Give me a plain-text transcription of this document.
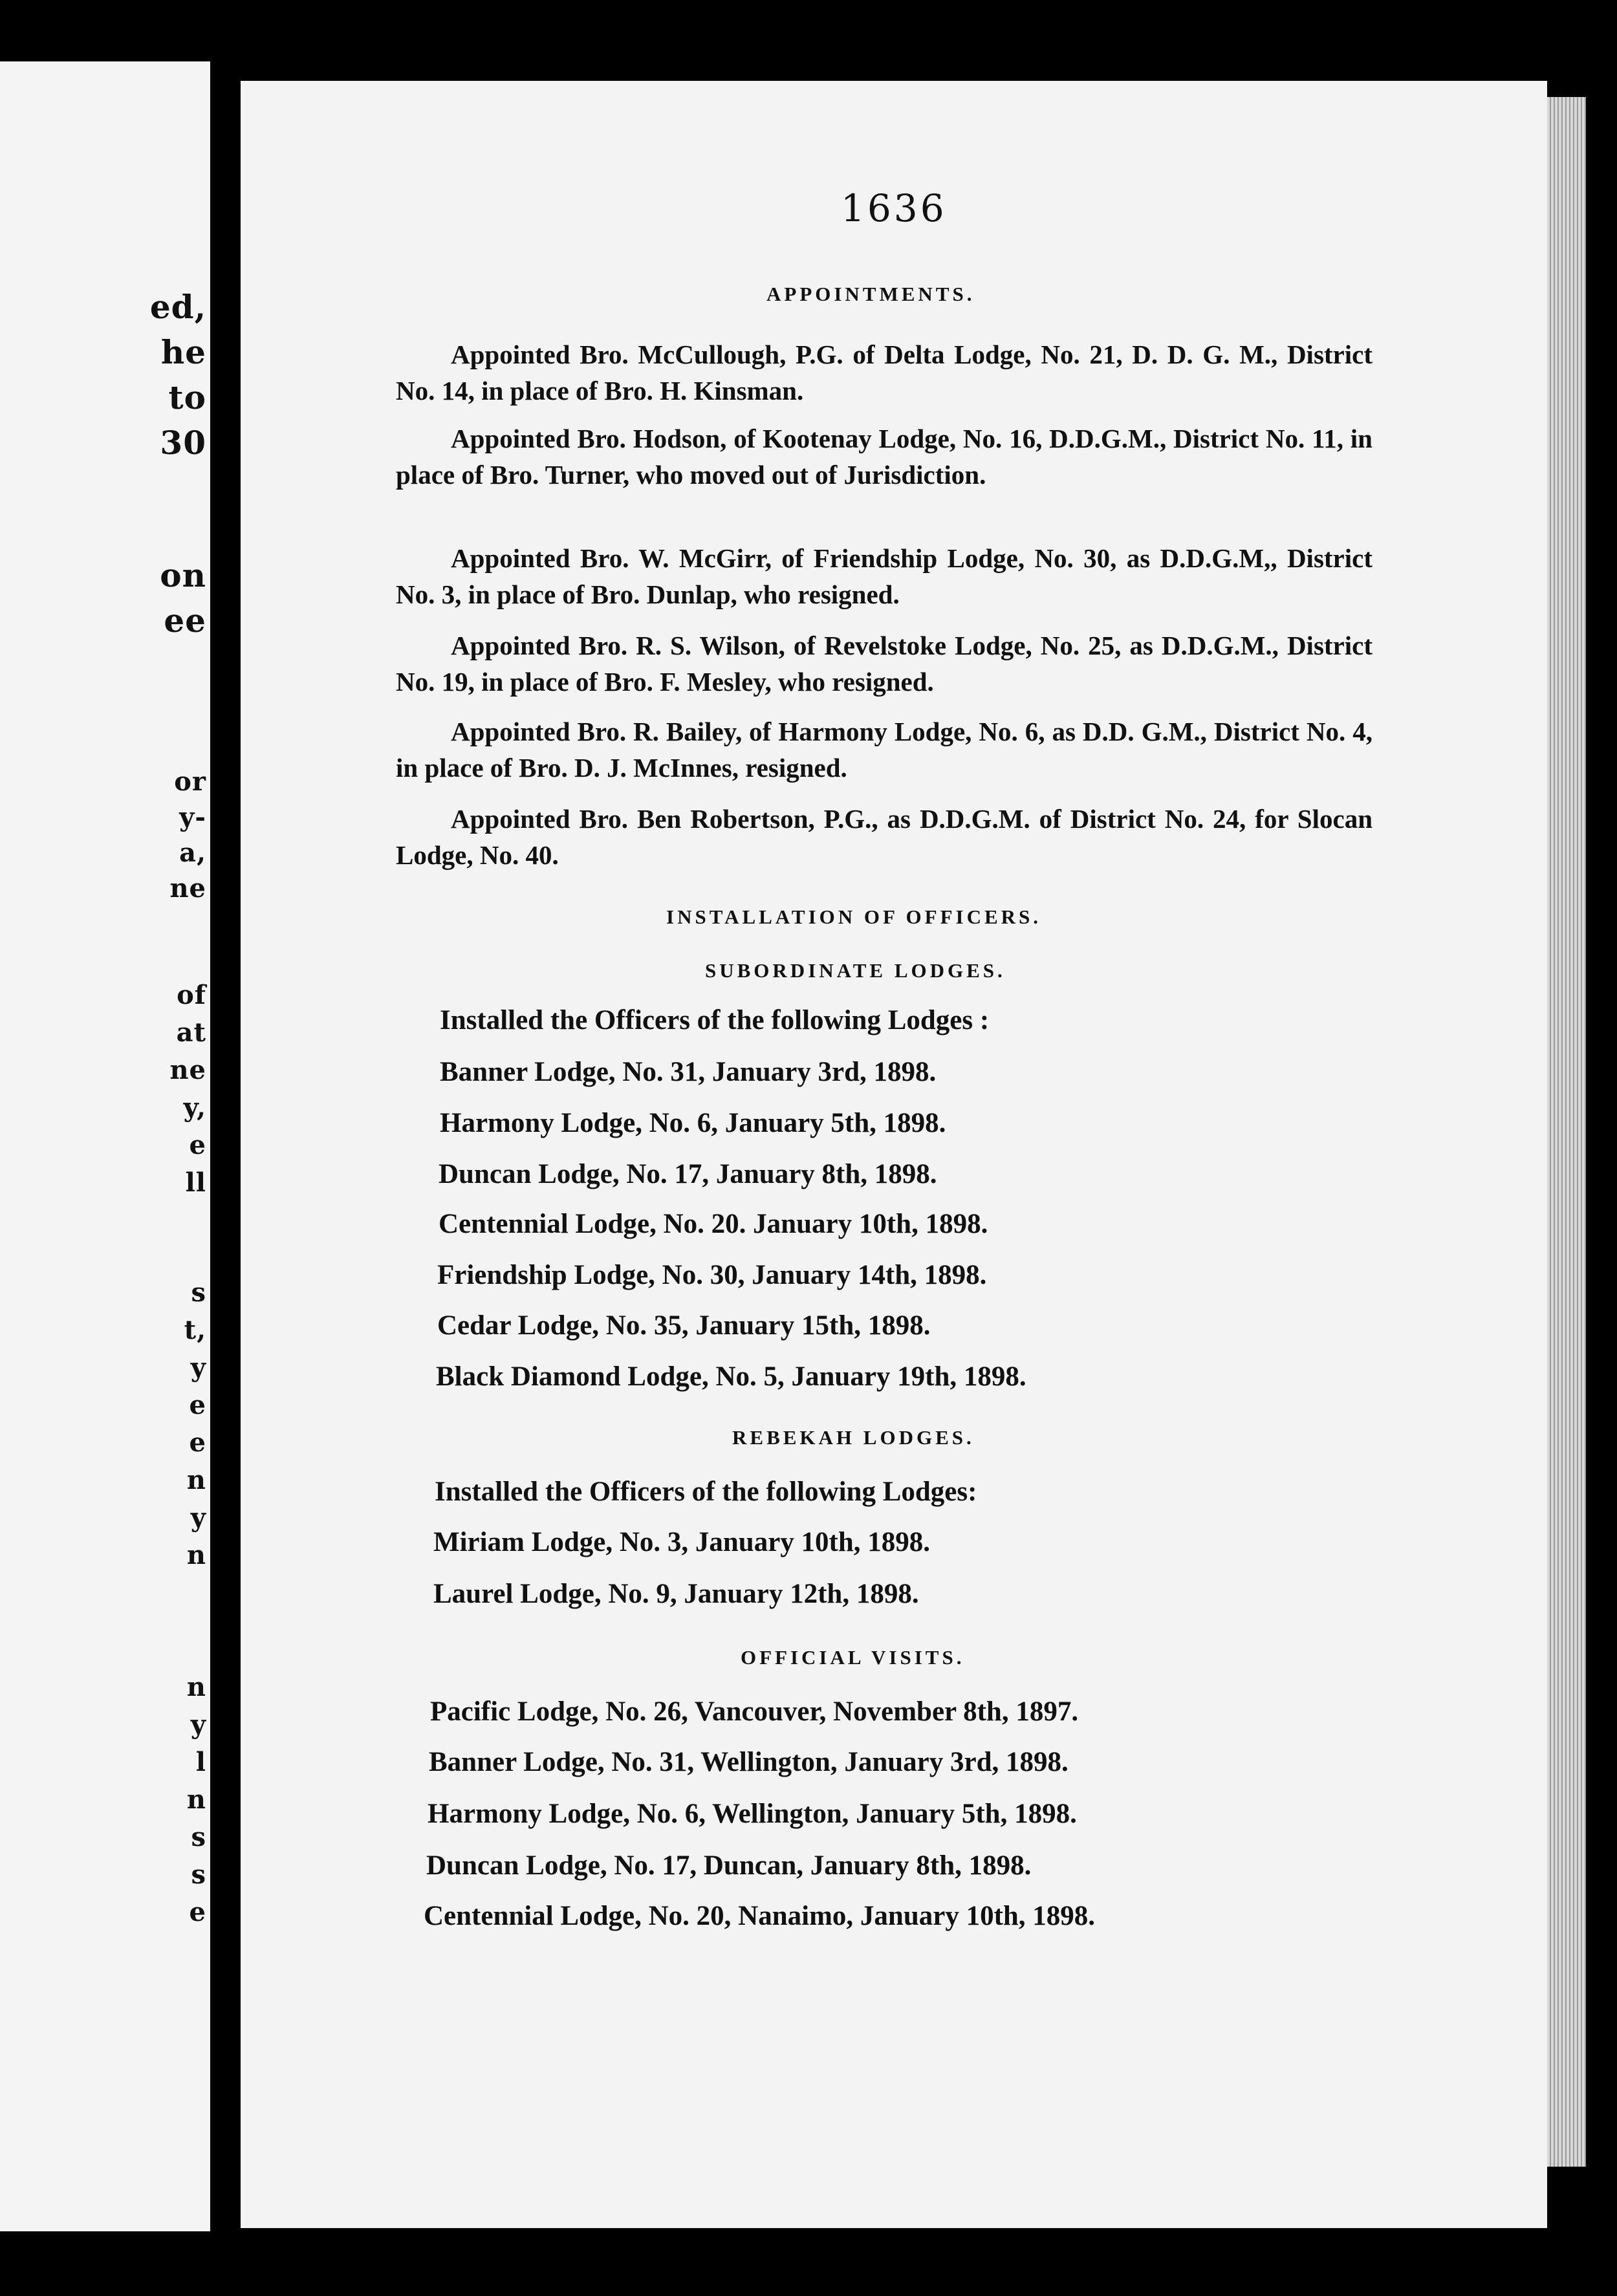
ed,
he
to
30
on
ee
or
y-
a,
ne
of
at
ne
y,
e
ll
s
t,
y
e
e
n
y
n
n
y
l
n
s
s
e
1636
APPOINTMENTS.
Appointed Bro. McCullough, P.G. of Delta Lodge, No. 21, D. D. G. M., District No. 14, in place of Bro. H. Kinsman.
Appointed Bro. Hodson, of Kootenay Lodge, No. 16, D.D.G.M., District No. 11, in place of Bro. Turner, who moved out of Jurisdiction.
Appointed Bro. W. McGirr, of Friendship Lodge, No. 30, as D.D.G.M,, District No. 3, in place of Bro. Dunlap, who resigned.
Appointed Bro. R. S. Wilson, of Revelstoke Lodge, No. 25, as D.D.G.M., District No. 19, in place of Bro. F. Mesley, who resigned.
Appointed Bro. R. Bailey, of Harmony Lodge, No. 6, as D.D. G.M., District No. 4, in place of Bro. D. J. McInnes, resigned.
Appointed Bro. Ben Robertson, P.G., as D.D.G.M. of District No. 24, for Slocan Lodge, No. 40.
INSTALLATION OF OFFICERS.
SUBORDINATE LODGES.
Installed the Officers of the following Lodges :
Banner Lodge, No. 31, January 3rd, 1898.
Harmony Lodge, No. 6, January 5th, 1898.
Duncan Lodge, No. 17, January 8th, 1898.
Centennial Lodge, No. 20. January 10th, 1898.
Friendship Lodge, No. 30, January 14th, 1898.
Cedar Lodge, No. 35, January 15th, 1898.
Black Diamond Lodge, No. 5, January 19th, 1898.
REBEKAH LODGES.
Installed the Officers of the following Lodges:
Miriam Lodge, No. 3, January 10th, 1898.
Laurel Lodge, No. 9, January 12th, 1898.
OFFICIAL VISITS.
Pacific Lodge, No. 26, Vancouver, November 8th, 1897.
Banner Lodge, No. 31, Wellington, January 3rd, 1898.
Harmony Lodge, No. 6, Wellington, January 5th, 1898.
Duncan Lodge, No. 17, Duncan, January 8th, 1898.
Centennial Lodge, No. 20, Nanaimo, January 10th, 1898.
